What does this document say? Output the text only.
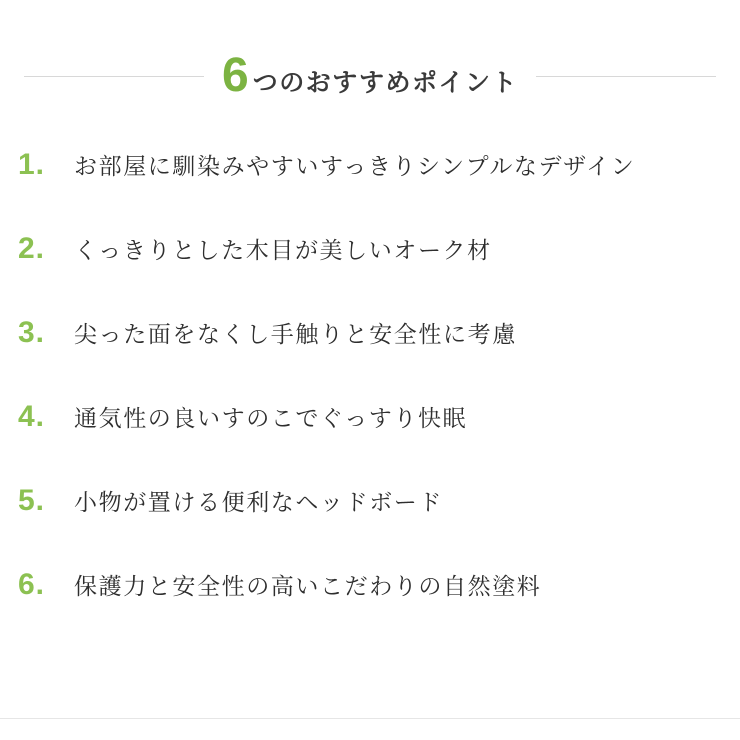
6 つのおすすめポイント
1.	お部屋に馴染みやすいすっきりシンプルなデザイン
2.	くっきりとした木目が美しいオーク材
3.	尖った面をなくし手触りと安全性に考慮
4.	通気性の良いすのこでぐっすり快眠
5.	小物が置ける便利なヘッドボード
6.	保護力と安全性の高いこだわりの自然塗料
